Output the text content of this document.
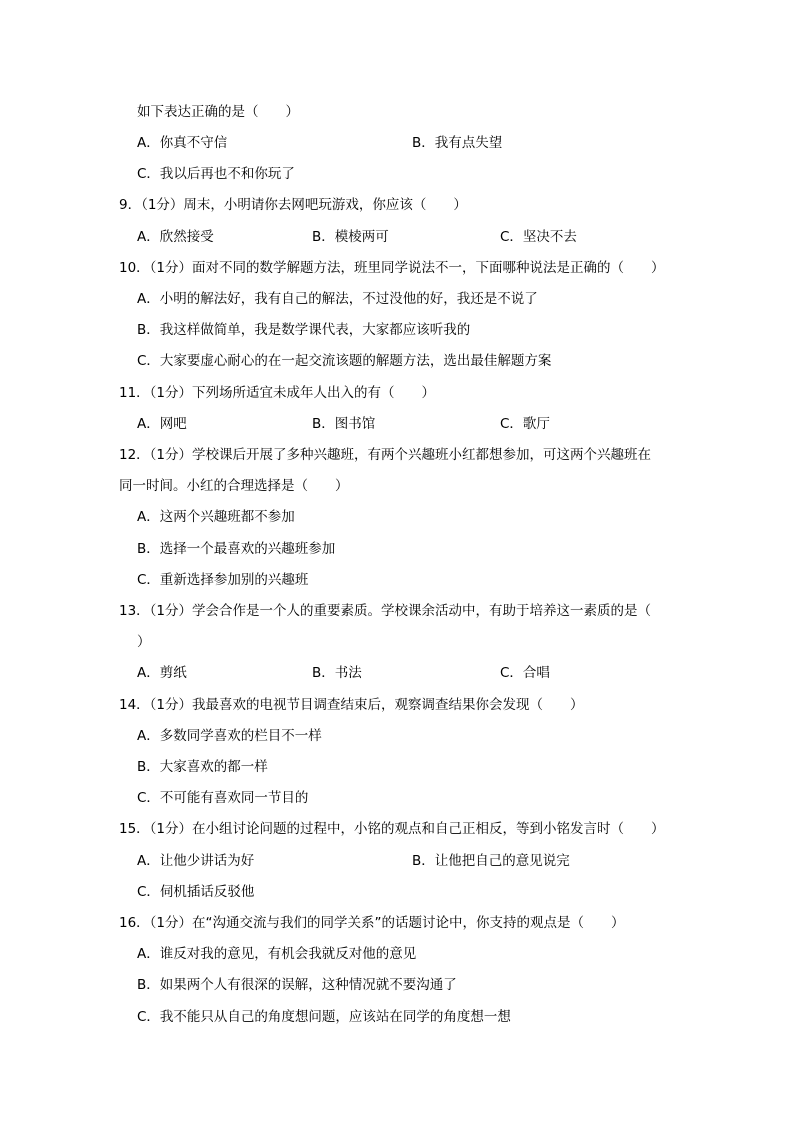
如下表达正确的是（　　）
A．你真不守信	B．我有点失望
C．我以后再也不和你玩了
9．（1分）周末，小明请你去网吧玩游戏，你应该（　　）
A．欣然接受	B．模棱两可	C．坚决不去
10．（1分）面对不同的数学解题方法，班里同学说法不一，下面哪种说法是正确的（　　）
A．小明的解法好，我有自己的解法，不过没他的好，我还是不说了
B．我这样做简单，我是数学课代表，大家都应该听我的
C．大家要虚心耐心的在一起交流该题的解题方法，选出最佳解题方案
11．（1分）下列场所适宜未成年人出入的有（　　）
A．网吧	B．图书馆	C．歌厅
12．（1分）学校课后开展了多种兴趣班，有两个兴趣班小红都想参加，可这两个兴趣班在
同一时间。小红的合理选择是（　　）
A．这两个兴趣班都不参加
B．选择一个最喜欢的兴趣班参加
C．重新选择参加别的兴趣班
13．（1分）学会合作是一个人的重要素质。学校课余活动中，有助于培养这一素质的是（
）
A．剪纸	B．书法	C．合唱
14．（1分）我最喜欢的电视节目调查结束后，观察调查结果你会发现（　　）
A．多数同学喜欢的栏目不一样
B．大家喜欢的都一样
C．不可能有喜欢同一节目的
15．（1分）在小组讨论问题的过程中，小铭的观点和自己正相反，等到小铭发言时（　　）
A．让他少讲话为好	B．让他把自己的意见说完
C．伺机插话反驳他
16．（1分）在“沟通交流与我们的同学关系”的话题讨论中，你支持的观点是（　　）
A．谁反对我的意见，有机会我就反对他的意见
B．如果两个人有很深的误解，这种情况就不要沟通了
C．我不能只从自己的角度想问题，应该站在同学的角度想一想
